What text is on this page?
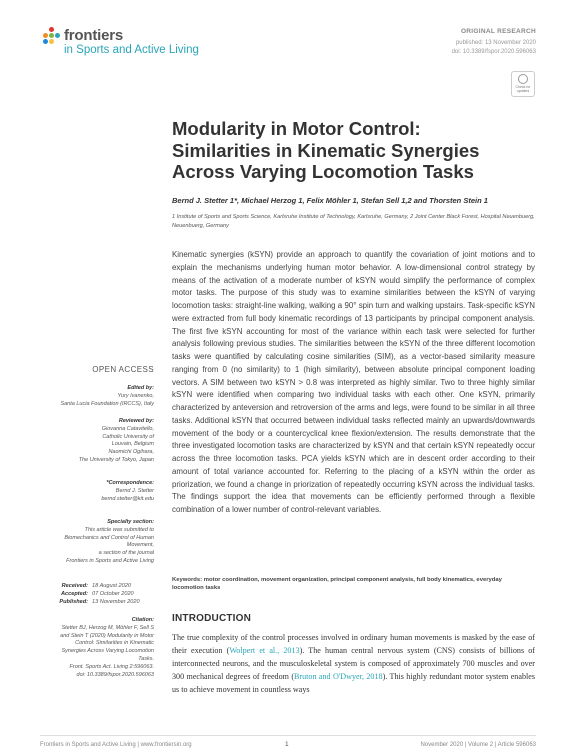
frontiers
in Sports and Active Living
ORIGINAL RESEARCH
published: 13 November 2020
doi: 10.3389/fspor.2020.596063
Check for updates
Modularity in Motor Control: Similarities in Kinematic Synergies Across Varying Locomotion Tasks
Bernd J. Stetter 1*, Michael Herzog 1, Felix Möhler 1, Stefan Sell 1,2 and Thorsten Stein 1
1 Institute of Sports and Sports Science, Karlsruhe Institute of Technology, Karlsruhe, Germany, 2 Joint Center Black Forest, Hospital Neuenbuerg, Neuenbuerg, Germany
Kinematic synergies (kSYN) provide an approach to quantify the covariation of joint motions and to explain the mechanisms underlying human motor behavior. A low-dimensional control strategy by means of the activation of a moderate number of kSYN would simplify the performance of complex motor tasks. The purpose of this study was to examine similarities between the kSYN of varying locomotion tasks: straight-line walking, walking a 90° spin turn and walking upstairs. Task-specific kSYN were extracted from full body kinematic recordings of 13 participants by principal component analysis. The first five kSYN accounting for most of the variance within each task were selected for further analysis following previous studies. The similarities between the kSYN of the three different locomotion tasks were quantified by calculating cosine similarities (SIM), as a vector-based similarity measure ranging from 0 (no similarity) to 1 (high similarity), between absolute principal component loading vectors. A SIM between two kSYN > 0.8 was interpreted as highly similar. Two to three highly similar kSYN were identified when comparing two individual tasks with each other. One kSYN, primarily characterized by anteversion and retroversion of the arms and legs, were found to be similar in all three tasks. Additional kSYN that occurred between individual tasks reflected mainly an upwards/downwards movement of the body or a countercyclical knee flexion/extension. The results demonstrate that the three investigated locomotion tasks are characterized by kSYN and that certain kSYN repeatedly occur across the three locomotion tasks. PCA yields kSYN which are in descent order according to their amount of total variance accounted for. Referring to the placing of a kSYN within the order as priorization, we found a change in priorization of repeatedly occurring kSYN across the individual tasks. The findings support the idea that movements can be efficiently performed through a flexible combination of a lower number of control-relevant variables.
Keywords: motor coordination, movement organization, principal component analysis, full body kinematics, everyday locomotion tasks
INTRODUCTION
The true complexity of the control processes involved in ordinary human movements is masked by the ease of their execution (Wolpert et al., 2013). The human central nervous system (CNS) consists of billions of interconnected neurons, and the musculoskeletal system is composed of approximately 700 muscles and over 300 mechanical degrees of freedom (Bruton and O'Dwyer, 2018). This highly redundant motor system enables us to achieve movement in countless ways
OPEN ACCESS
Edited by:
Yury Ivanenko,
Santa Lucia Foundation (IRCCS), Italy
Reviewed by:
Giovanna Catavitello,
Catholic University of
Louvain, Belgium
Naomichi Ogihara,
The University of Tokyo, Japan
*Correspondence:
Bernd J. Stetter
bernd.stetter@kit.edu
Specialty section:
This article was submitted to
Biomechanics and Control of Human
Movement,
a section of the journal
Frontiers in Sports and Active Living
Received: 18 August 2020
Accepted: 07 October 2020
Published: 13 November 2020
Citation:
Stetter BJ, Herzog M, Möhler F, Sell S
and Stein T (2020) Modularity in Motor
Control: Similarities in Kinematic
Synergies Across Varying Locomotion
Tasks.
Front. Sports Act. Living 2:596063.
doi: 10.3389/fspor.2020.596063
Frontiers in Sports and Active Living | www.frontiersin.org	1	November 2020 | Volume 2 | Article 596063
